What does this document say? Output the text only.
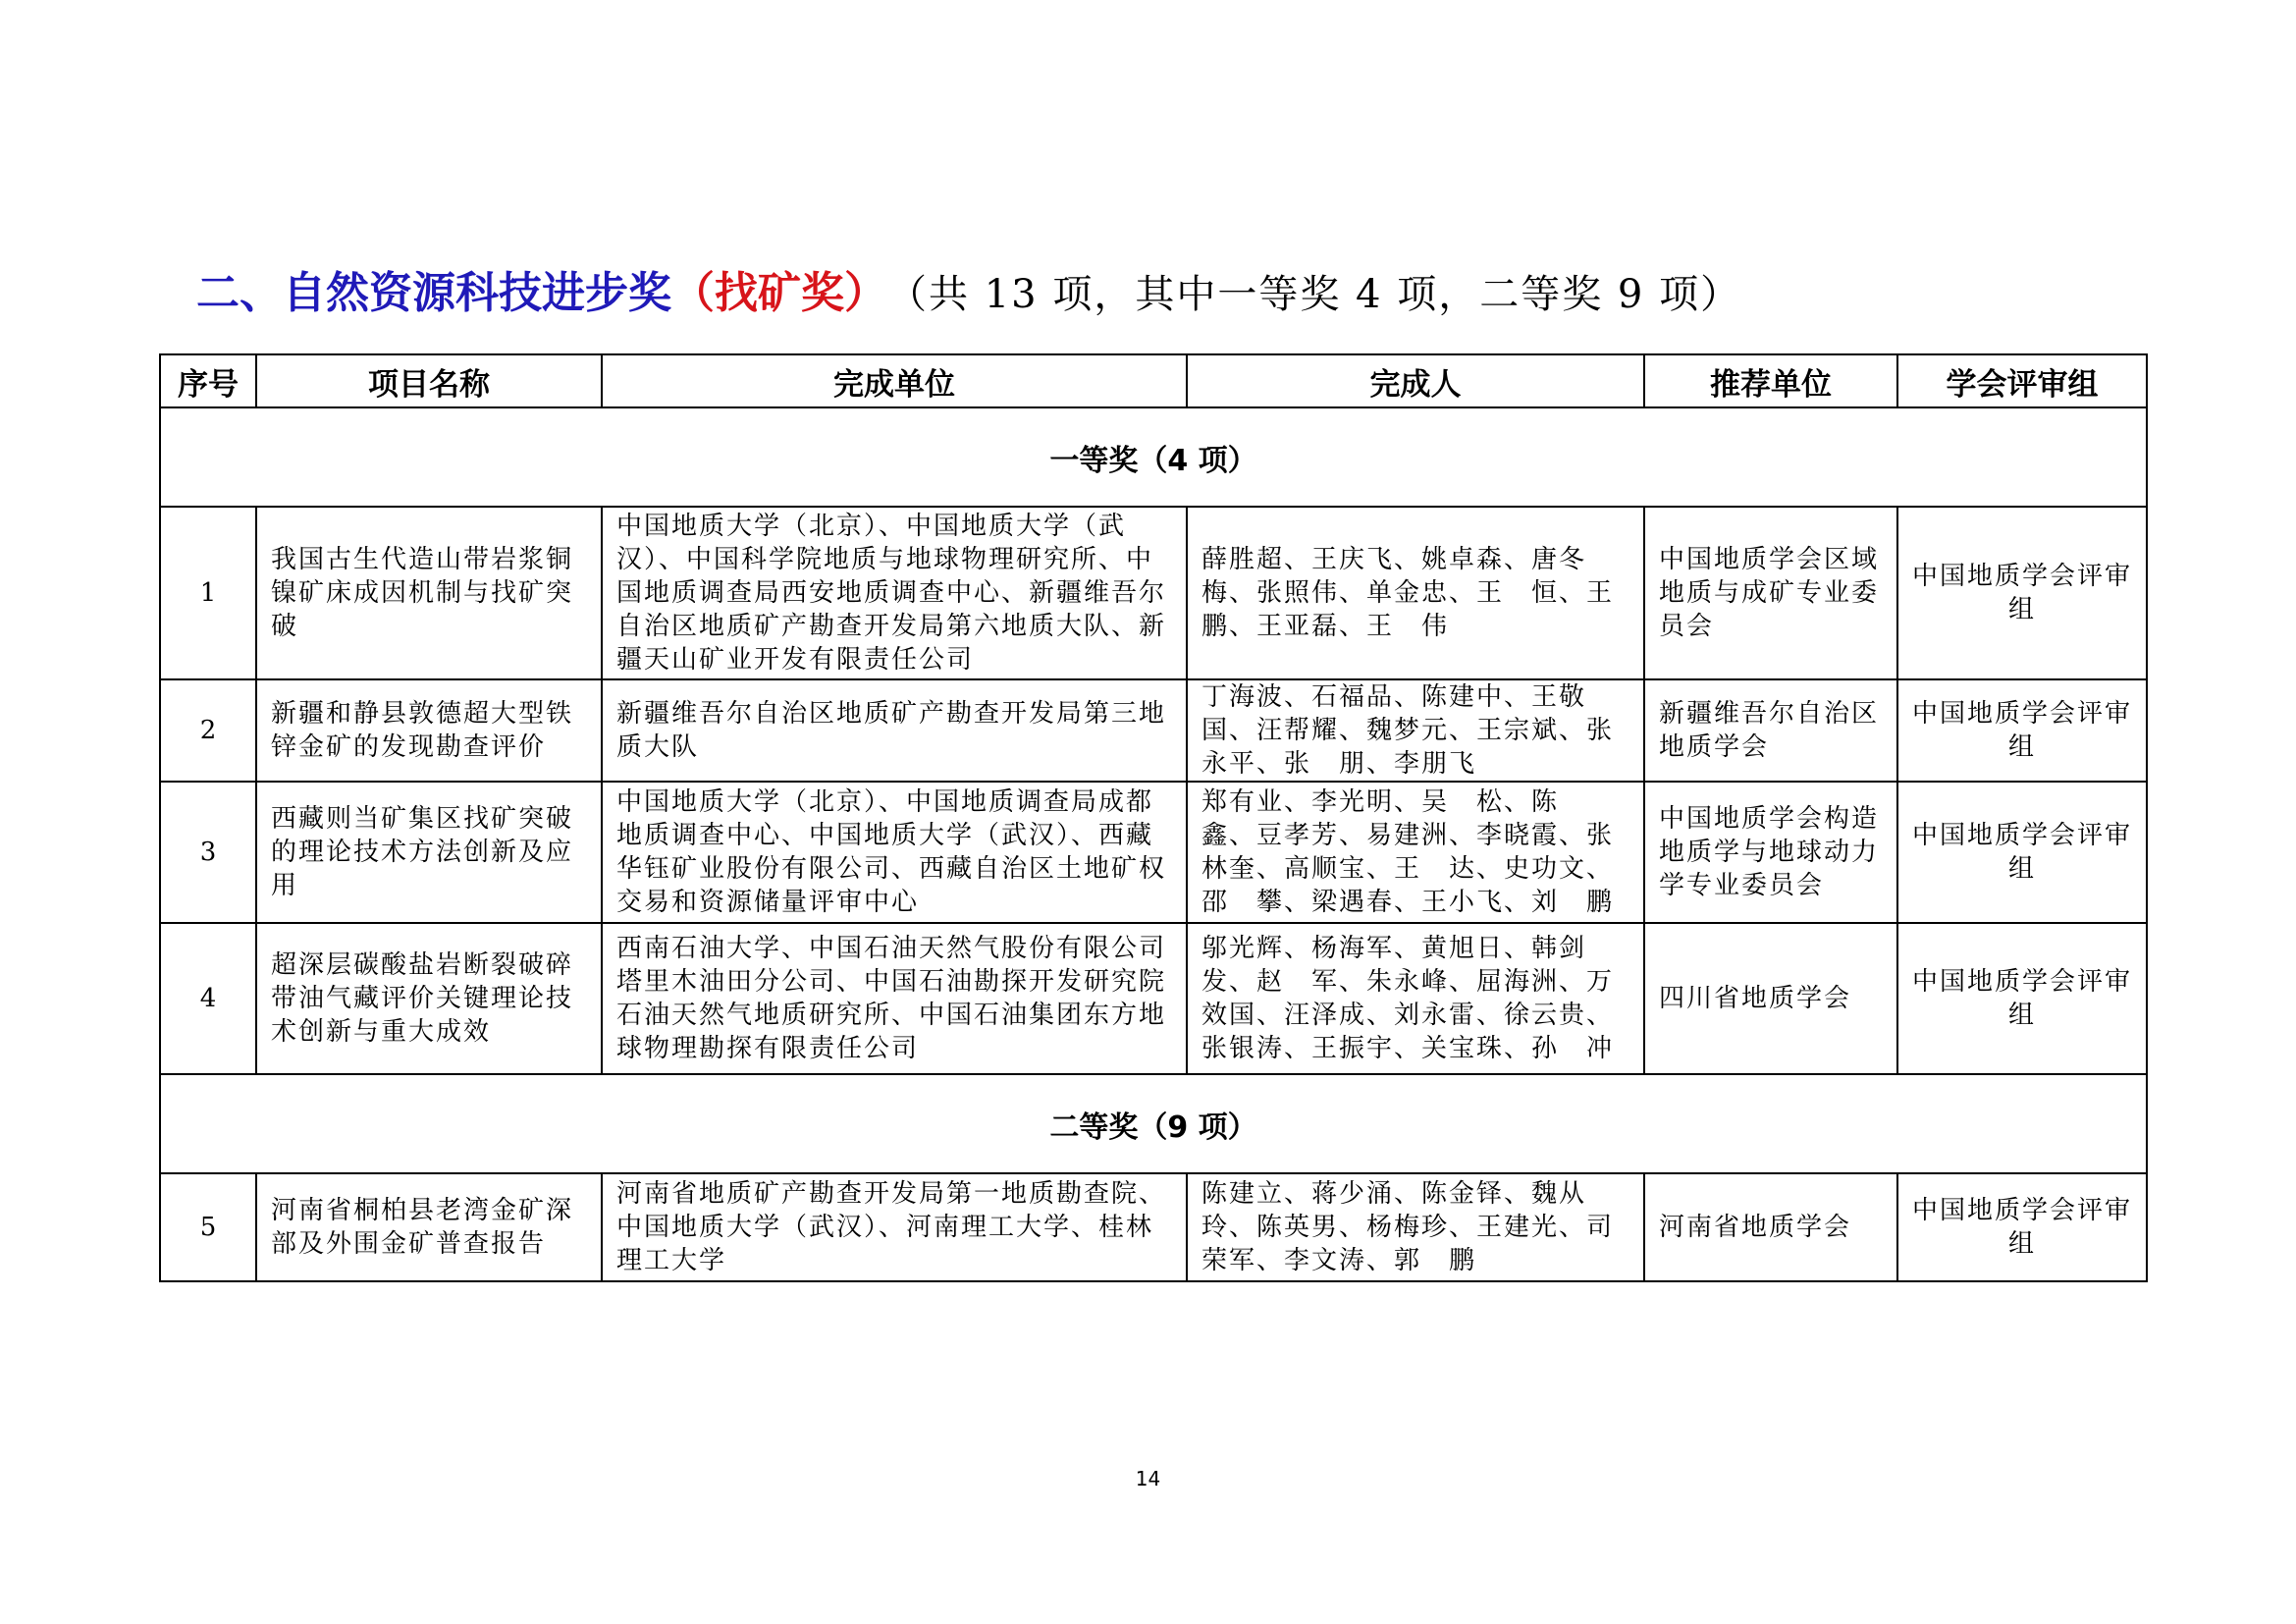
二、自然资源科技进步奖 （找矿奖） （共 13 项，其中一等奖 4 项，二等奖 9 项）
序号	项目名称	完成单位	完成人	推荐单位	学会评审组
一等奖（4 项）					
1	我国古生代造山带岩浆铜镍矿床成因机制与找矿突破	中国地质大学（北京）、中国地质大学（武汉）、中国科学院地质与地球物理研究所、中国地质调查局西安地质调查中心、新疆维吾尔自治区地质矿产勘查开发局第六地质大队、新疆天山矿业开发有限责任公司	薛胜超、王庆飞、姚卓森、唐冬梅、张照伟、单金忠、王　恒、王　鹏、王亚磊、王　伟	中国地质学会区域地质与成矿专业委员会	中国地质学会评审组
2	新疆和静县敦德超大型铁锌金矿的发现勘查评价	新疆维吾尔自治区地质矿产勘查开发局第三地质大队	丁海波、石福品、陈建中、王敬国、汪帮耀、魏梦元、王宗斌、张永平、张　朋、李朋飞	新疆维吾尔自治区地质学会	中国地质学会评审组
3	西藏则当矿集区找矿突破的理论技术方法创新及应用	中国地质大学（北京）、中国地质调查局成都地质调查中心、中国地质大学（武汉）、西藏华钰矿业股份有限公司、西藏自治区土地矿权交易和资源储量评审中心	郑有业、李光明、吴　松、陈　鑫、豆孝芳、易建洲、李晓霞、张林奎、高顺宝、王　达、史功文、邵　攀、梁遇春、王小飞、刘　鹏	中国地质学会构造地质学与地球动力学专业委员会	中国地质学会评审组
4	超深层碳酸盐岩断裂破碎带油气藏评价关键理论技术创新与重大成效	西南石油大学、中国石油天然气股份有限公司塔里木油田分公司、中国石油勘探开发研究院石油天然气地质研究所、中国石油集团东方地球物理勘探有限责任公司	邬光辉、杨海军、黄旭日、韩剑发、赵　军、朱永峰、屈海洲、万效国、汪泽成、刘永雷、徐云贵、张银涛、王振宇、关宝珠、孙　冲	四川省地质学会	中国地质学会评审组
二等奖（9 项）					
5	河南省桐柏县老湾金矿深部及外围金矿普查报告	河南省地质矿产勘查开发局第一地质勘查院、中国地质大学（武汉）、河南理工大学、桂林理工大学	陈建立、蒋少涌、陈金铎、魏从玲、陈英男、杨梅珍、王建光、司荣军、李文涛、郭　鹏	河南省地质学会	中国地质学会评审组
14
